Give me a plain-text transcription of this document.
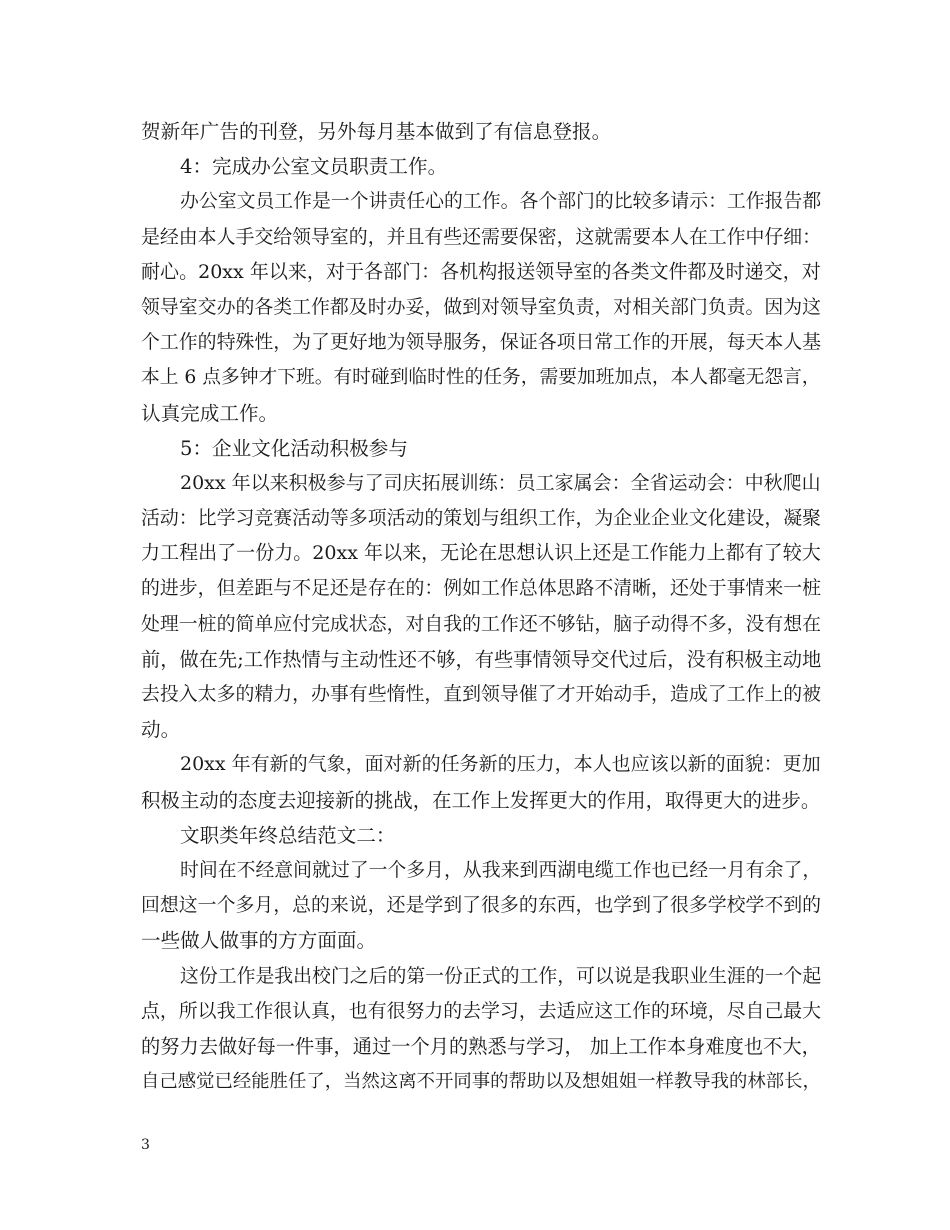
贺新年广告的刊登，另外每月基本做到了有信息登报。
4：完成办公室文员职责工作。
办公室文员工作是一个讲责任心的工作。各个部门的比较多请示：工作报告都
是经由本人手交给领导室的，并且有些还需要保密，这就需要本人在工作中仔细：
耐心。20xx 年以来，对于各部门：各机构报送领导室的各类文件都及时递交，对
领导室交办的各类工作都及时办妥，做到对领导室负责，对相关部门负责。因为这
个工作的特殊性，为了更好地为领导服务，保证各项日常工作的开展，每天本人基
本上 6 点多钟才下班。有时碰到临时性的任务，需要加班加点，本人都毫无怨言，
认真完成工作。
5：企业文化活动积极参与
20xx 年以来积极参与了司庆拓展训练：员工家属会：全省运动会：中秋爬山
活动：比学习竞赛活动等多项活动的策划与组织工作，为企业企业文化建设，凝聚
力工程出了一份力。20xx 年以来，无论在思想认识上还是工作能力上都有了较大
的进步，但差距与不足还是存在的：例如工作总体思路不清晰，还处于事情来一桩
处理一桩的简单应付完成状态，对自我的工作还不够钻，脑子动得不多，没有想在
前，做在先;工作热情与主动性还不够，有些事情领导交代过后，没有积极主动地
去投入太多的精力，办事有些惰性，直到领导催了才开始动手，造成了工作上的被
动。
20xx 年有新的气象，面对新的任务新的压力，本人也应该以新的面貌：更加
积极主动的态度去迎接新的挑战，在工作上发挥更大的作用，取得更大的进步。
文职类年终总结范文二：
时间在不经意间就过了一个多月，从我来到西湖电缆工作也已经一月有余了，
回想这一个多月，总的来说，还是学到了很多的东西，也学到了很多学校学不到的
一些做人做事的方方面面。
这份工作是我出校门之后的第一份正式的工作，可以说是我职业生涯的一个起
点，所以我工作很认真，也有很努力的去学习，去适应这工作的环境，尽自己最大
的努力去做好每一件事，通过一个月的熟悉与学习， 加上工作本身难度也不大，
自己感觉已经能胜任了，当然这离不开同事的帮助以及想姐姐一样教导我的林部长，
3
